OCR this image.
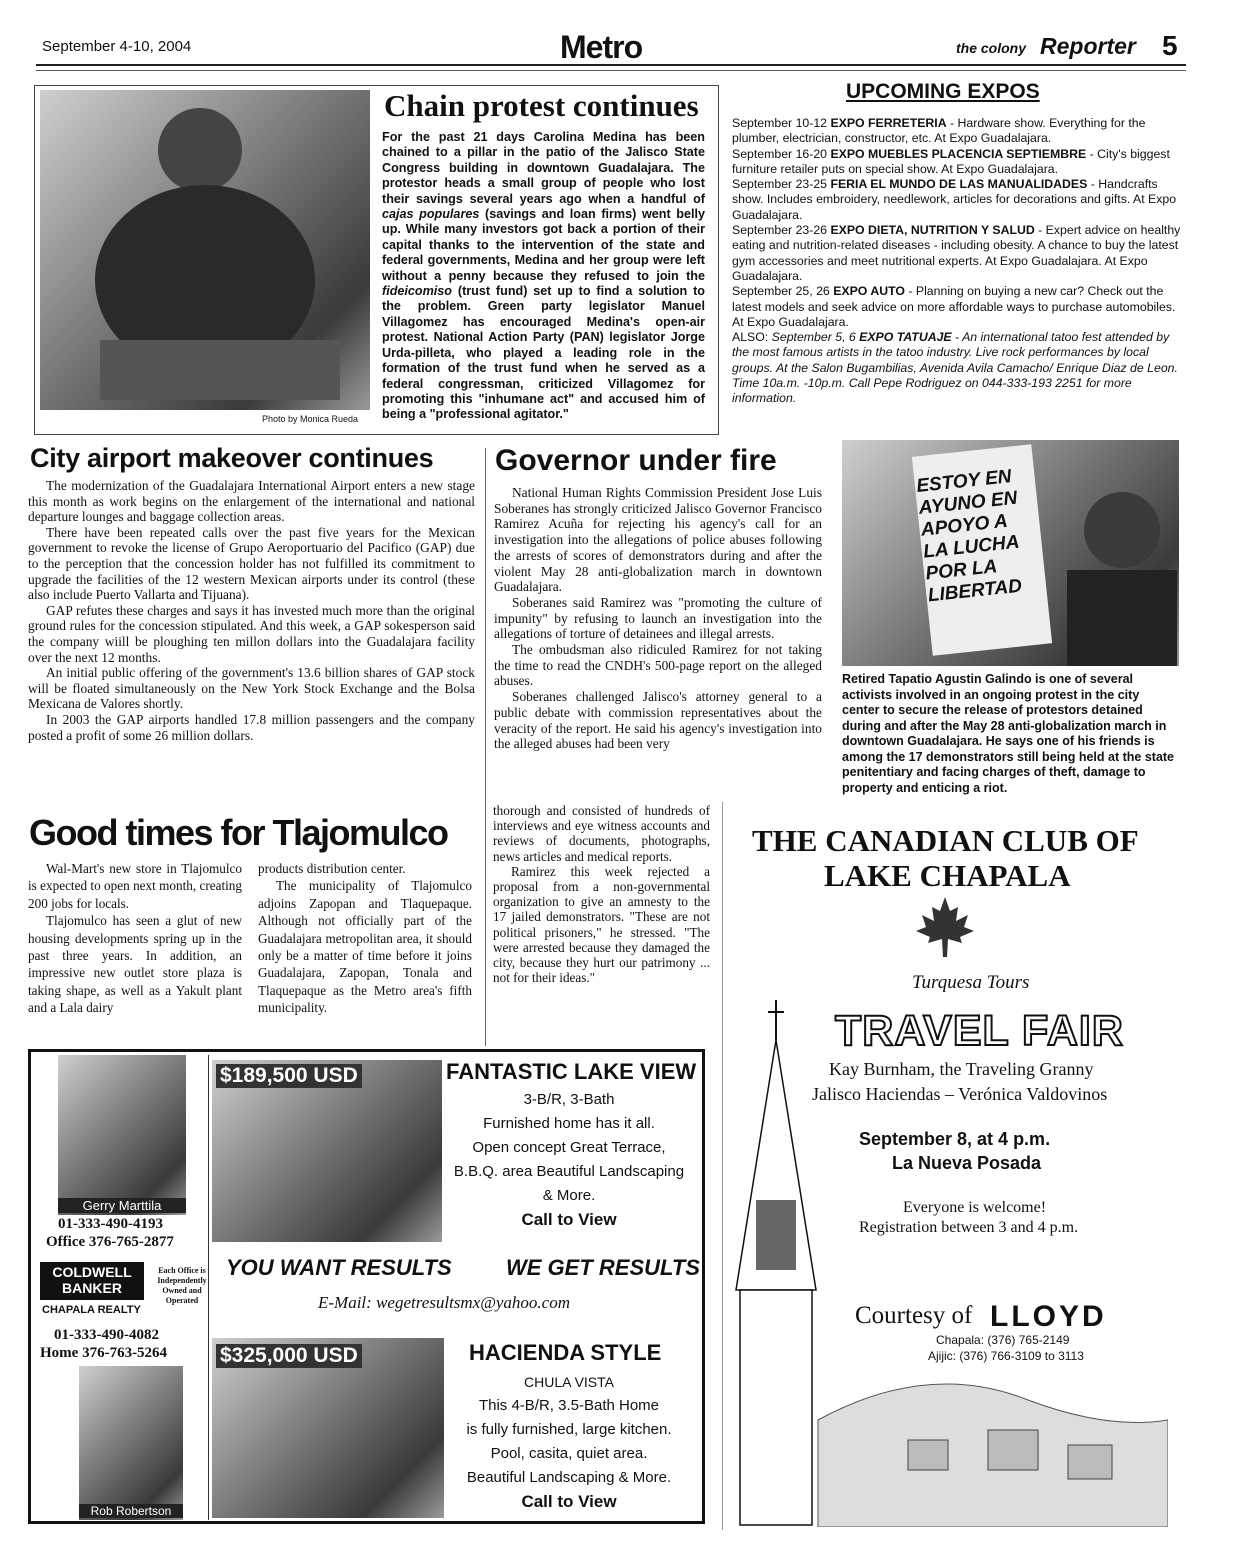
September 4-10, 2004	Metro	the colony Reporter 5
Photo by Monica Rueda
Chain protest continues
For the past 21 days Carolina Medina has been chained to a pillar in the patio of the Jalisco State Congress building in downtown Guadalajara. The protestor heads a small group of people who lost their savings several years ago when a handful of cajas populares (savings and loan firms) went belly up. While many investors got back a portion of their capital thanks to the intervention of the state and federal governments, Medina and her group were left without a penny because they refused to join the fideicomiso (trust fund) set up to find a solution to the problem. Green party legislator Manuel Villagomez has encouraged Medina's open-air protest. National Action Party (PAN) legislator Jorge Urda-pilleta, who played a leading role in the formation of the trust fund when he served as a federal congressman, criticized Villagomez for promoting this "inhumane act" and accused him of being a "professional agitator."
UPCOMING EXPOS
September 10-12 EXPO FERRETERIA - Hardware show. Everything for the plumber, electrician, constructor, etc. At Expo Guadalajara.
September 16-20 EXPO MUEBLES PLACENCIA SEPTIEMBRE - City's biggest furniture retailer puts on special show. At Expo Guadalajara.
September 23-25 FERIA EL MUNDO DE LAS MANUALIDADES - Handcrafts show. Includes embroidery, needlework, articles for decorations and gifts. At Expo Guadalajara.
September 23-26 EXPO DIETA, NUTRITION Y SALUD - Expert advice on healthy eating and nutrition-related diseases - including obesity. A chance to buy the latest gym accessories and meet nutritional experts. At Expo Guadalajara. At Expo Guadalajara.
September 25, 26 EXPO AUTO - Planning on buying a new car? Check out the latest models and seek advice on more affordable ways to purchase automobiles. At Expo Guadalajara.
ALSO: September 5, 6 EXPO TATUAJE - An international tatoo fest attended by the most famous artists in the tatoo industry. Live rock performances by local groups. At the Salon Bugambilias, Avenida Avila Camacho/ Enrique Diaz de Leon. Time 10a.m. -10p.m. Call Pepe Rodriguez on 044-333-193 2251 for more information.
City airport makeover continues

The modernization of the Guadalajara International Airport enters a new stage this month as work begins on the enlargement of the international and national departure lounges and baggage collection areas.

There have been repeated calls over the past five years for the Mexican government to revoke the license of Grupo Aeroportuario del Pacifico (GAP) due to the perception that the concession holder has not fulfilled its commitment to upgrade the facilities of the 12 western Mexican airports under its control (these also include Puerto Vallarta and Tijuana).

GAP refutes these charges and says it has invested much more than the original ground rules for the concession stipulated. And this week, a GAP sokesperson said the company wiill be ploughing ten millon dollars into the Guadalajara facility over the next 12 months.

An initial public offering of the government's 13.6 billion shares of GAP stock will be floated simultaneously on the New York Stock Exchange and the Bolsa Mexicana de Valores shortly.

In 2003 the GAP airports handled 17.8 million passengers and the company posted a profit of some 26 million dollars.

Governor under fire

National Human Rights Commission President Jose Luis Soberanes has strongly criticized Jalisco Governor Francisco Ramirez Acuña for rejecting his agency's call for an investigation into the allegations of police abuses following the arrests of scores of demonstrators during and after the violent May 28 anti-globalization march in downtown Guadalajara.

Soberanes said Ramirez was "promoting the culture of impunity" by refusing to launch an investigation into the allegations of torture of detainees and illegal arrests.

The ombudsman also ridiculed Ramirez for not taking the time to read the CNDH's 500-page report on the alleged abuses.

Soberanes challenged Jalisco's attorney general to a public debate with commission representatives about the veracity of the report. He said his agency's investigation into the alleged abuses had been very

thorough and consisted of hundreds of interviews and eye witness accounts and reviews of documents, photographs, news articles and medical reports.

Ramirez this week rejected a proposal from a non-governmental organization to give an amnesty to the 17 jailed demonstrators. "These are not political prisoners," he stressed. "The were arrested because they damaged the city, because they hurt our patrimony ... not for their ideas."

ESTOY EN AYUNO EN APOYO A LA LUCHA POR LA LIBERTAD
Retired Tapatio Agustin Galindo is one of several activists involved in an ongoing protest in the city center to secure the release of protestors detained during and after the May 28 anti-globalization march in downtown Guadalajara. He says one of his friends is among the 17 demonstrators still being held at the state penitentiary and facing charges of theft, damage to property and enticing a riot.
Good times for Tlajomulco

Wal-Mart's new store in Tlajomulco is expected to open next month, creating 200 jobs for locals.

Tlajomulco has seen a glut of new housing developments spring up in the past three years. In addition, an impressive new outlet store plaza is taking shape, as well as a Yakult plant and a Lala dairy

products distribution center.

The municipality of Tlajomulco adjoins Zapopan and Tlaquepaque. Although not officially part of the Guadalajara metropolitan area, it should only be a matter of time before it joins Guadalajara, Zapopan, Tonala and Tlaquepaque as the Metro area's fifth municipality.

Gerry Marttila
01-333-490-4193
Office 376-765-2877
COLDWELL
BANKER
Each Office is Independently Owned and Operated
CHAPALA REALTY
01-333-490-4082
Home 376-763-5264
Rob Robertson
$189,500 USD	FANTASTIC LAKE VIEW
3-B/R, 3-Bath
Furnished home has it all.
Open concept Great Terrace,
B.B.Q. area Beautiful Landscaping
& More.
Call to View
YOU WANT RESULTS WE GET RESULTS
E-Mail: wegetresultsmx@yahoo.com
$325,000 USD	HACIENDA STYLE
CHULA VISTA
This 4-B/R, 3.5-Bath Home
is fully furnished, large kitchen.
Pool, casita, quiet area.
Beautiful Landscaping & More.
Call to View
THE CANADIAN CLUB OF
LAKE CHAPALA
Turquesa Tours
TRAVEL FAIR
Kay Burnham, the Traveling Granny
Jalisco Haciendas – Verónica Valdovinos
September 8, at 4 p.m.
La Nueva Posada
Everyone is welcome!
Registration between 3 and 4 p.m.
Courtesy of LLOYD
Chapala: (376) 765-2149
Ajijic: (376) 766-3109 to 3113
